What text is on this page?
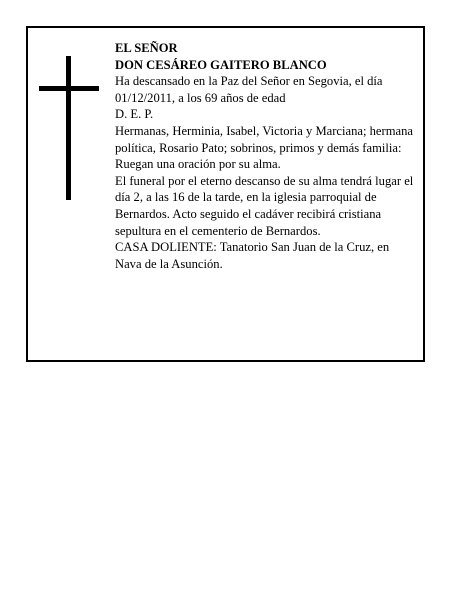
EL SEÑOR

DON CESÁREO GAITERO BLANCO

Ha descansado en la Paz del Señor en Segovia, el día 01/12/2011, a los 69 años de edad

D. E. P.

Hermanas, Herminia, Isabel, Victoria y Marciana; hermana política, Rosario Pato; sobrinos, primos y demás familia:

Ruegan una oración por su alma.

El funeral por el eterno descanso de su alma tendrá lugar el día 2, a las 16 de la tarde, en la iglesia parroquial de Bernardos. Acto seguido el cadáver recibirá cristiana sepultura en el cementerio de Bernardos.

CASA DOLIENTE: Tanatorio San Juan de la Cruz, en Nava de la Asunción.
